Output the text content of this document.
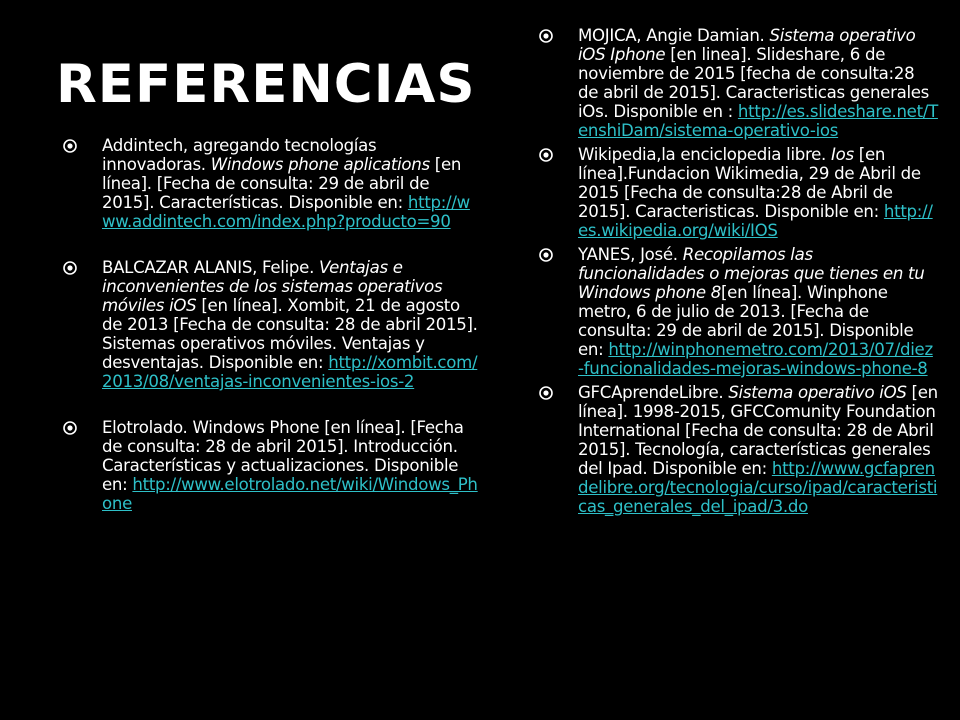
REFERENCIAS
Addintech, agregando tecnologías innovadoras. Windows phone aplications [en línea]. [Fecha de consulta: 29 de abril de 2015]. Características. Disponible en: http://www.addintech.com/index.php?producto=90
BALCAZAR ALANIS, Felipe. Ventajas e inconvenientes de los sistemas operativos móviles iOS [en línea]. Xombit, 21 de agosto de 2013 [Fecha de consulta: 28 de abril 2015]. Sistemas operativos móviles. Ventajas y desventajas. Disponible en: http://xombit.com/2013/08/ventajas-inconvenientes-ios-2
Elotrolado. Windows Phone [en línea]. [Fecha de consulta: 28 de abril 2015]. Introducción. Características y actualizaciones. Disponible en: http://www.elotrolado.net/wiki/Windows_Phone
MOJICA, Angie Damian. Sistema operativo iOS Iphone [en linea]. Slideshare, 6 de noviembre de 2015 [fecha de consulta:28 de abril de 2015]. Caracteristicas generales iOs. Disponible en : http://es.slideshare.net/TenshiDam/sistema-operativo-ios
Wikipedia,la enciclopedia libre. Ios [en línea].Fundacion Wikimedia, 29 de Abril de 2015 [Fecha de consulta:28 de Abril de 2015]. Caracteristicas. Disponible en: http://es.wikipedia.org/wiki/IOS
YANES, José. Recopilamos las funcionalidades o mejoras que tienes en tu Windows phone 8[en línea]. Winphone metro, 6 de julio de 2013. [Fecha de consulta: 29 de abril de 2015]. Disponible en: http://winphonemetro.com/2013/07/diez-funcionalidades-mejoras-windows-phone-8
GFCAprendeLibre. Sistema operativo iOS [en línea]. 1998-2015, GFCComunity Foundation International [Fecha de consulta: 28 de Abril 2015]. Tecnología, características generales del Ipad. Disponible en: http://www.gcfaprendelibre.org/tecnologia/curso/ipad/caracteristicas_generales_del_ipad/3.do
